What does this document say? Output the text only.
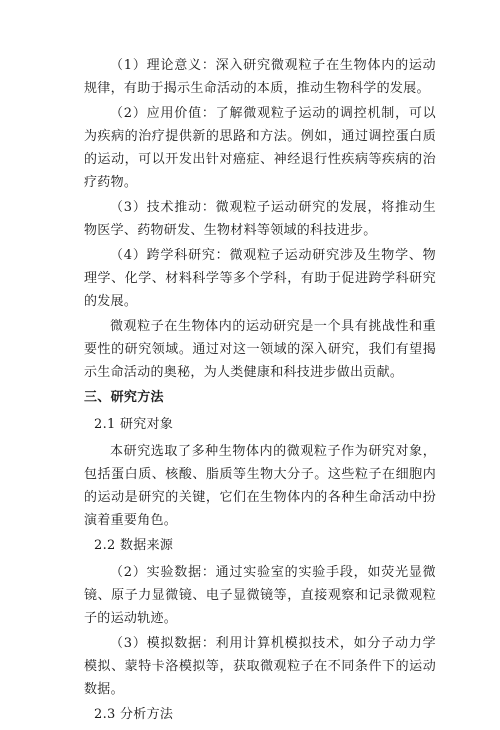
（1）理论意义：深入研究微观粒子在生物体内的运动规律，有助于揭示生命活动的本质，推动生物科学的发展。

（2）应用价值：了解微观粒子运动的调控机制，可以为疾病的治疗提供新的思路和方法。例如，通过调控蛋白质的运动，可以开发出针对癌症、神经退行性疾病等疾病的治疗药物。

（3）技术推动：微观粒子运动研究的发展，将推动生物医学、药物研发、生物材料等领域的科技进步。

（4）跨学科研究：微观粒子运动研究涉及生物学、物理学、化学、材料科学等多个学科，有助于促进跨学科研究的发展。

微观粒子在生物体内的运动研究是一个具有挑战性和重要性的研究领域。通过对这一领域的深入研究，我们有望揭示生命活动的奥秘，为人类健康和科技进步做出贡献。

三、研究方法

2.1 研究对象

本研究选取了多种生物体内的微观粒子作为研究对象，包括蛋白质、核酸、脂质等生物大分子。这些粒子在细胞内的运动是研究的关键，它们在生物体内的各种生命活动中扮演着重要角色。

2.2 数据来源

（2）实验数据：通过实验室的实验手段，如荧光显微镜、原子力显微镜、电子显微镜等，直接观察和记录微观粒子的运动轨迹。

（3）模拟数据：利用计算机模拟技术，如分子动力学模拟、蒙特卡洛模拟等，获取微观粒子在不同条件下的运动数据。

2.3 分析方法
